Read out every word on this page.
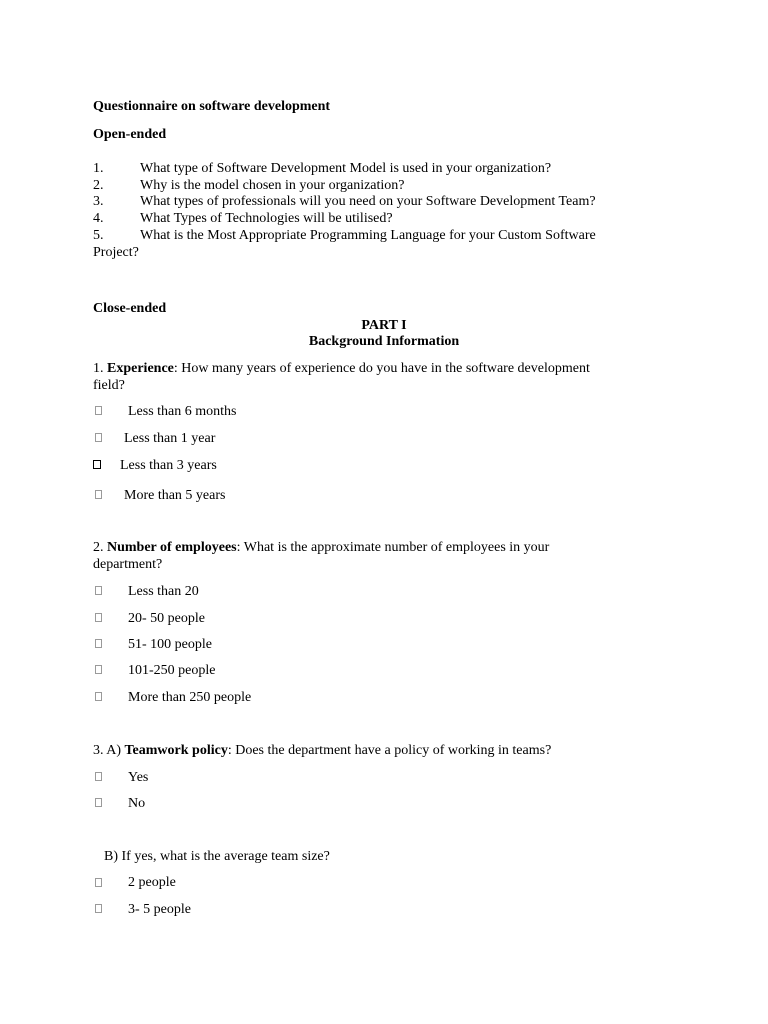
Questionnaire on software development
Open-ended
1.	What type of Software Development Model is used in your organization?
2.	Why is the model chosen in your organization?
3.	What types of professionals will you need on your Software Development Team?
4.	What Types of Technologies will be utilised?
5.	What is the Most Appropriate Programming Language for your Custom Software
Project?
Close-ended
PART I
Background Information
1. Experience: How many years of experience do you have in the software development
field?
Less than 6 months
Less than 1 year
Less than 3 years
More than 5 years
2. Number of employees: What is the approximate number of employees in your
department?
Less than 20
20- 50 people
51- 100 people
101-250 people
More than 250 people
3. A) Teamwork policy: Does the department have a policy of working in teams?
Yes
No
B) If yes, what is the average team size?
2 people
3- 5 people
